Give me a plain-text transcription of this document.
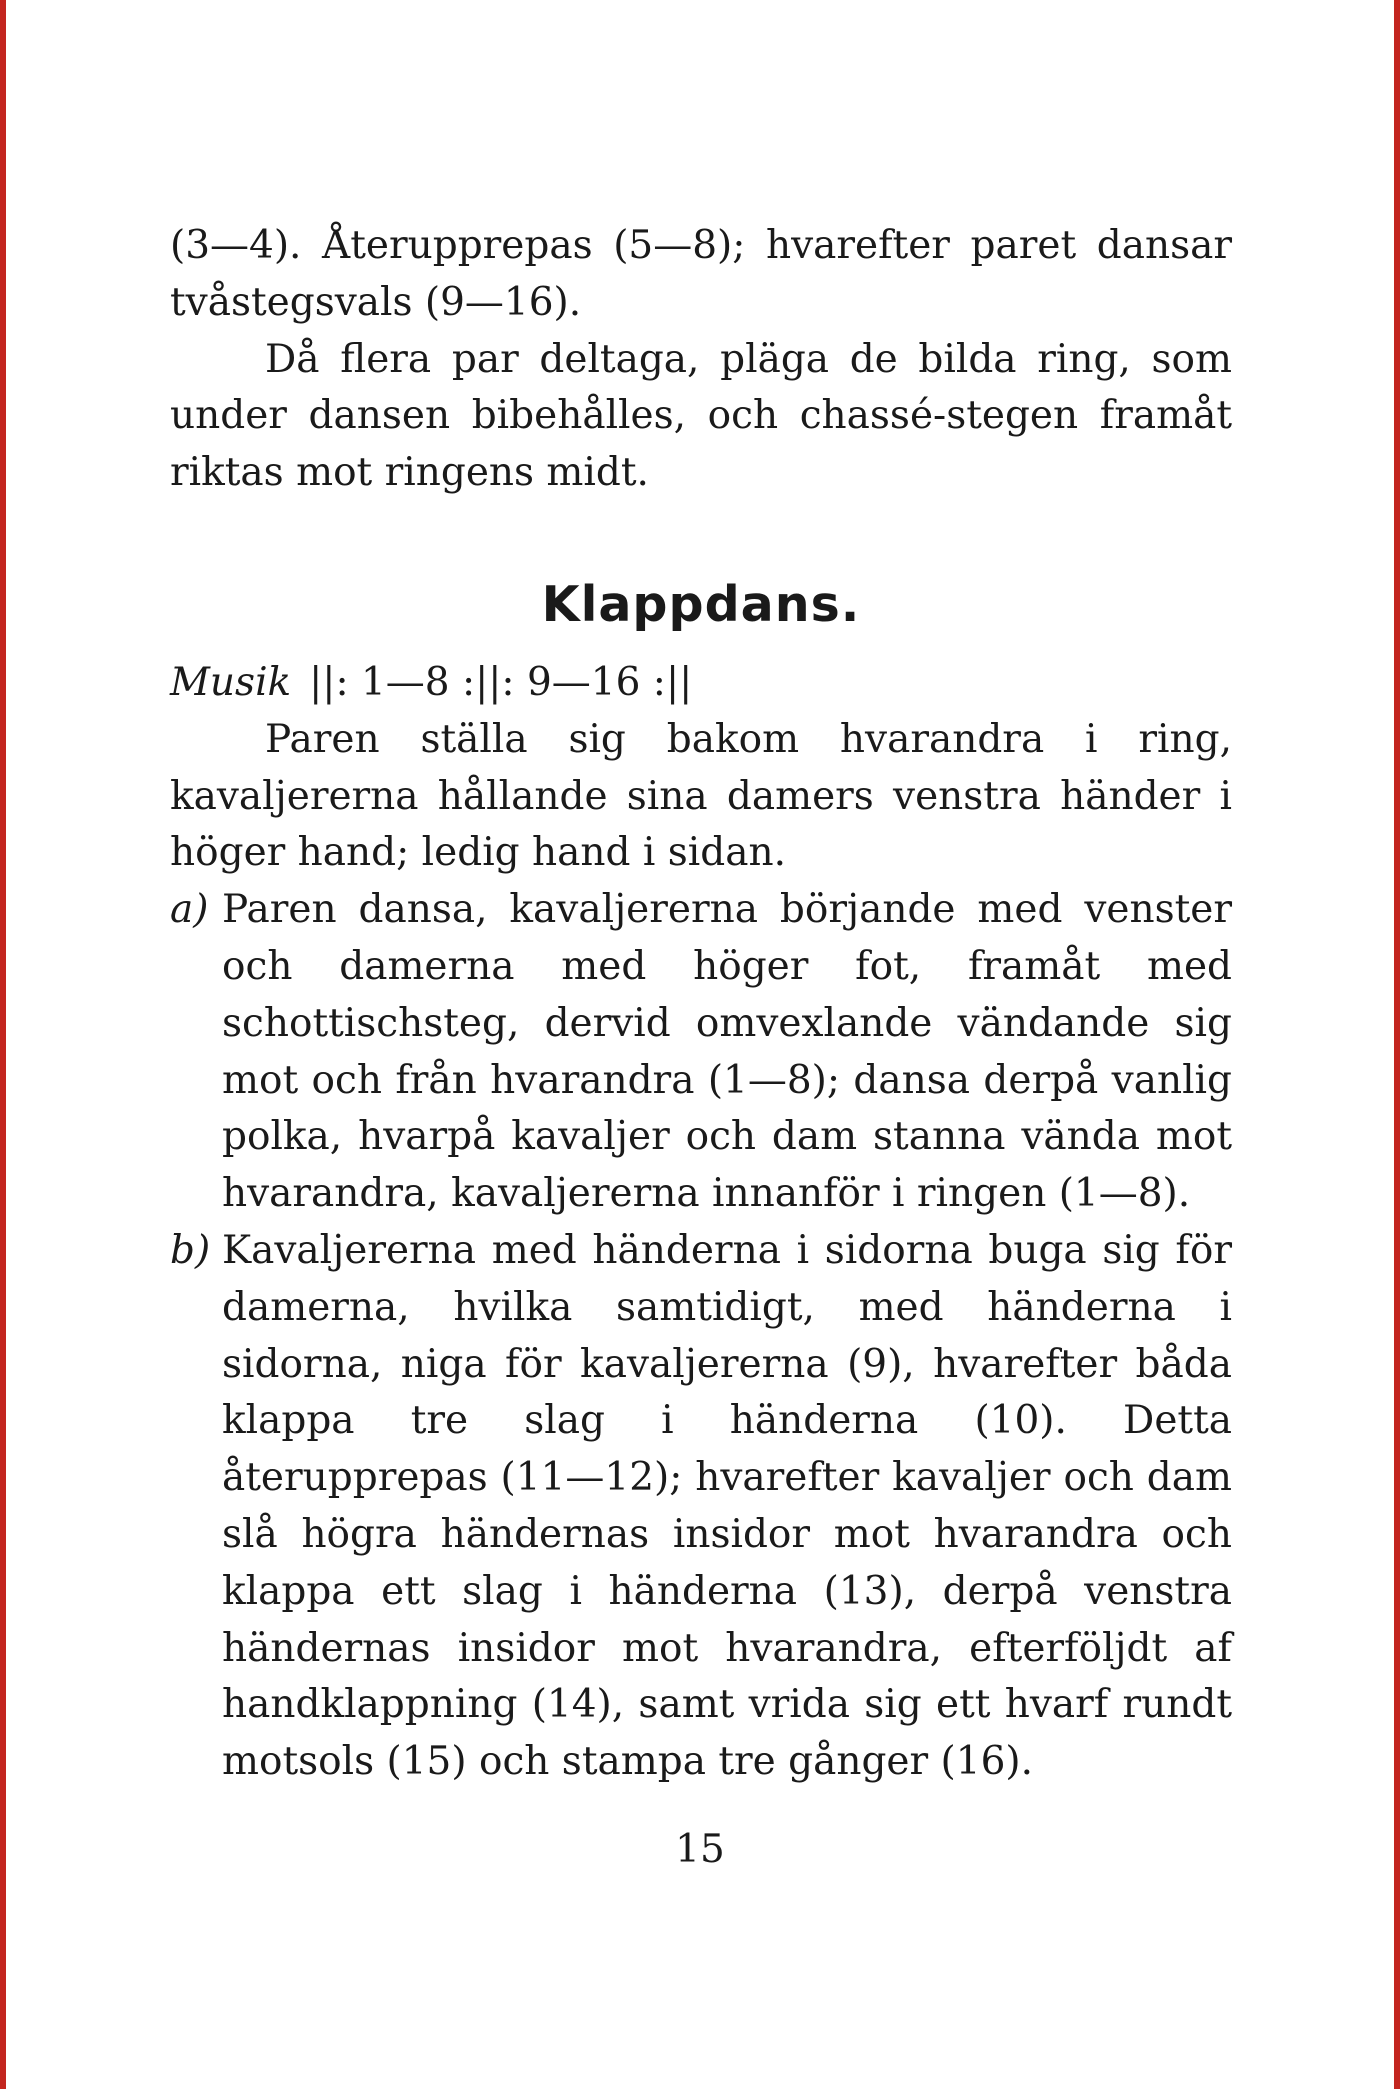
(3—4). Återupprepas (5—8); hvarefter paret dansar tvåstegsvals (9—16).

Då flera par deltaga, pläga de bilda ring, som under dansen bibehålles, och chassé-stegen framåt riktas mot ringens midt.

Klappdans.

Musik ||: 1—8 :||: 9—16 :||

Paren ställa sig bakom hvarandra i ring, kavaljererna hållande sina damers venstra händer i höger hand; ledig hand i sidan.

a) Paren dansa, kavaljererna börjande med venster och damerna med höger fot, framåt med schottischsteg, dervid omvexlande vändande sig mot och från hvarandra (1—8); dansa derpå vanlig polka, hvarpå kavaljer och dam stanna vända mot hvarandra, kavaljererna innanför i ringen (1—8).
b) Kavaljererna med händerna i sidorna buga sig för damerna, hvilka samtidigt, med händerna i sidorna, niga för kavaljererna (9), hvarefter båda klappa tre slag i händerna (10). Detta återupprepas (11—12); hvarefter kavaljer och dam slå högra händernas insidor mot hvarandra och klappa ett slag i händerna (13), derpå venstra händernas insidor mot hvarandra, efterföljdt af handklappning (14), samt vrida sig ett hvarf rundt motsols (15) och stampa tre gånger (16).
15
